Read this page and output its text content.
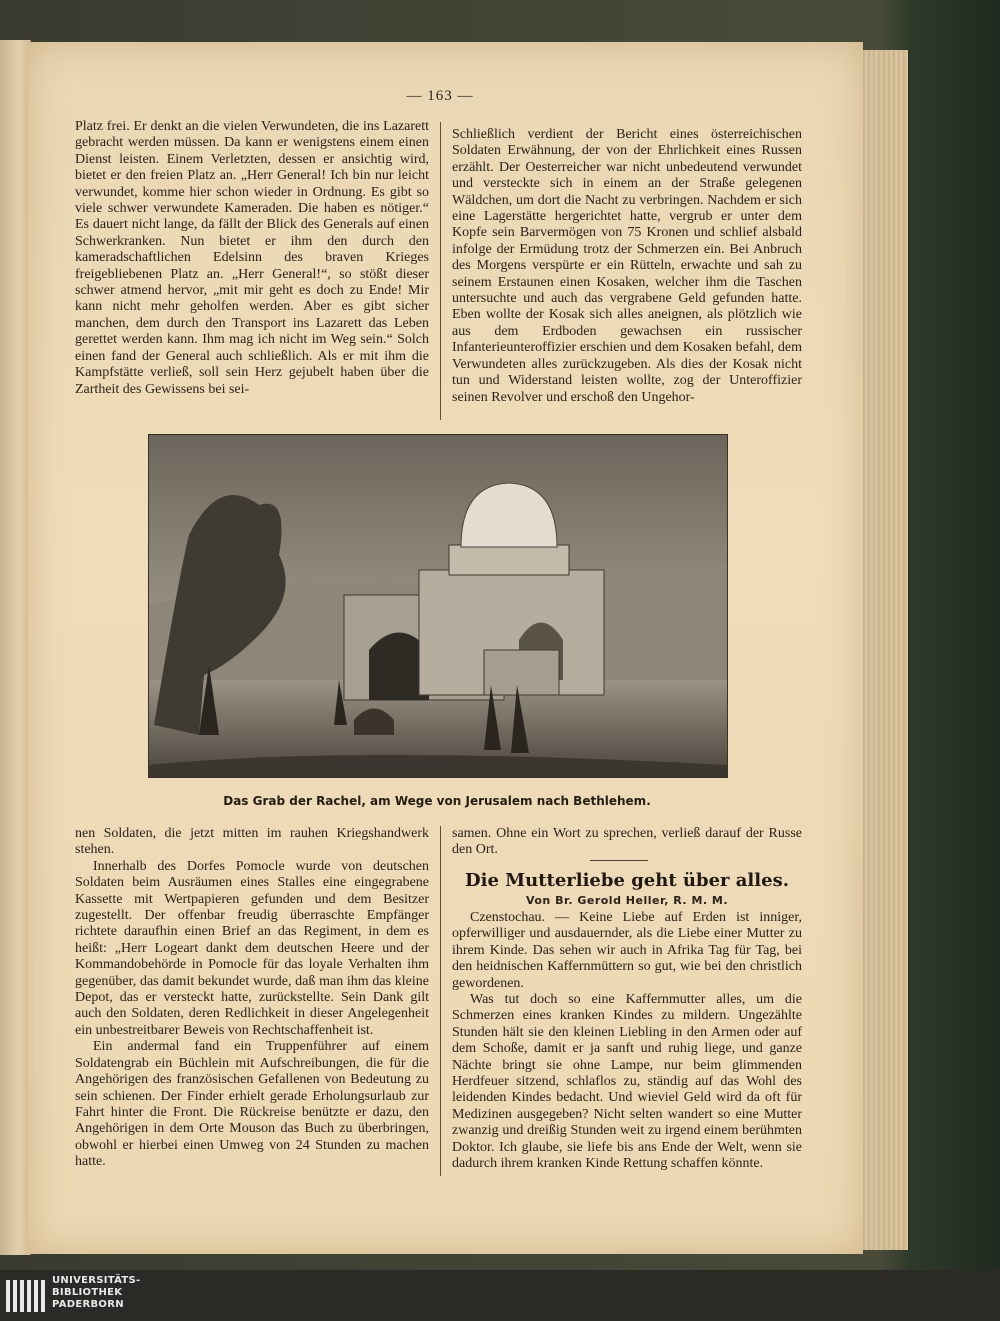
— 163 —

Platz frei. Er denkt an die vielen Verwundeten, die ins Lazarett gebracht werden müssen. Da kann er wenigstens einem einen Dienst leisten. Einem Verletzten, dessen er ansichtig wird, bietet er den freien Platz an. „Herr General! Ich bin nur leicht verwundet, komme hier schon wieder in Ordnung. Es gibt so viele schwer verwundete Kameraden. Die haben es nötiger.“ Es dauert nicht lange, da fällt der Blick des Generals auf einen Schwerkranken. Nun bietet er ihm den durch den kameradschaftlichen Edelsinn des braven Krieges freigebliebenen Platz an. „Herr General!“, so stößt dieser schwer atmend hervor, „mit mir geht es doch zu Ende! Mir kann nicht mehr geholfen werden. Aber es gibt sicher manchen, dem durch den Transport ins Lazarett das Leben gerettet werden kann. Ihm mag ich nicht im Weg sein.“ Solch einen fand der General auch schließlich. Als er mit ihm die Kampfstätte verließ, soll sein Herz gejubelt haben über die Zartheit des Gewissens bei sei-

Schließlich verdient der Bericht eines österreichischen Soldaten Erwähnung, der von der Ehrlichkeit eines Russen erzählt. Der Oesterreicher war nicht unbedeutend verwundet und versteckte sich in einem an der Straße gelegenen Wäldchen, um dort die Nacht zu verbringen. Nachdem er sich eine Lagerstätte hergerichtet hatte, vergrub er unter dem Kopfe sein Barvermögen von 75 Kronen und schlief alsbald infolge der Ermüdung trotz der Schmerzen ein. Bei Anbruch des Morgens verspürte er ein Rütteln, erwachte und sah zu seinem Erstaunen einen Kosaken, welcher ihm die Taschen untersuchte und auch das vergrabene Geld gefunden hatte. Eben wollte der Kosak sich alles aneignen, als plötzlich wie aus dem Erdboden gewachsen ein russischer Infanterieunteroffizier erschien und dem Kosaken befahl, dem Verwundeten alles zurückzugeben. Als dies der Kosak nicht tun und Widerstand leisten wollte, zog der Unteroffizier seinen Revolver und erschoß den Ungehor-

Das Grab der Rachel, am Wege von Jerusalem nach Bethlehem.

nen Soldaten, die jetzt mitten im rauhen Kriegshandwerk stehen.

Innerhalb des Dorfes Pomocle wurde von deutschen Soldaten beim Ausräumen eines Stalles eine eingegrabene Kassette mit Wertpapieren gefunden und dem Besitzer zugestellt. Der offenbar freudig überraschte Empfänger richtete daraufhin einen Brief an das Regiment, in dem es heißt: „Herr Logeart dankt dem deutschen Heere und der Kommandobehörde in Pomocle für das loyale Verhalten ihm gegenüber, das damit bekundet wurde, daß man ihm das kleine Depot, das er versteckt hatte, zurückstellte. Sein Dank gilt auch den Soldaten, deren Redlichkeit in dieser Angelegenheit ein unbestreitbarer Beweis von Rechtschaffenheit ist.

Ein andermal fand ein Truppenführer auf einem Soldatengrab ein Büchlein mit Aufschreibungen, die für die Angehörigen des französischen Gefallenen von Bedeutung zu sein schienen. Der Finder erhielt gerade Erholungsurlaub zur Fahrt hinter die Front. Die Rückreise benützte er dazu, den Angehörigen in dem Orte Mouson das Buch zu überbringen, obwohl er hierbei einen Umweg von 24 Stunden zu machen hatte.

samen. Ohne ein Wort zu sprechen, verließ darauf der Russe den Ort.

Die Mutterliebe geht über alles.
Von Br. Gerold Heller, R. M. M.

Czenstochau. — Keine Liebe auf Erden ist inniger, opferwilliger und ausdauernder, als die Liebe einer Mutter zu ihrem Kinde. Das sehen wir auch in Afrika Tag für Tag, bei den heidnischen Kaffernmüttern so gut, wie bei den christlich gewordenen.

Was tut doch so eine Kaffernmutter alles, um die Schmerzen eines kranken Kindes zu mildern. Ungezählte Stunden hält sie den kleinen Liebling in den Armen oder auf dem Schoße, damit er ja sanft und ruhig liege, und ganze Nächte bringt sie ohne Lampe, nur beim glimmenden Herdfeuer sitzend, schlaflos zu, ständig auf das Wohl des leidenden Kindes bedacht. Und wieviel Geld wird da oft für Medizinen ausgegeben? Nicht selten wandert so eine Mutter zwanzig und dreißig Stunden weit zu irgend einem berühmten Doktor. Ich glaube, sie liefe bis ans Ende der Welt, wenn sie dadurch ihrem kranken Kinde Rettung schaffen könnte.

UNIVERSITÄTS-
BIBLIOTHEK
PADERBORN
